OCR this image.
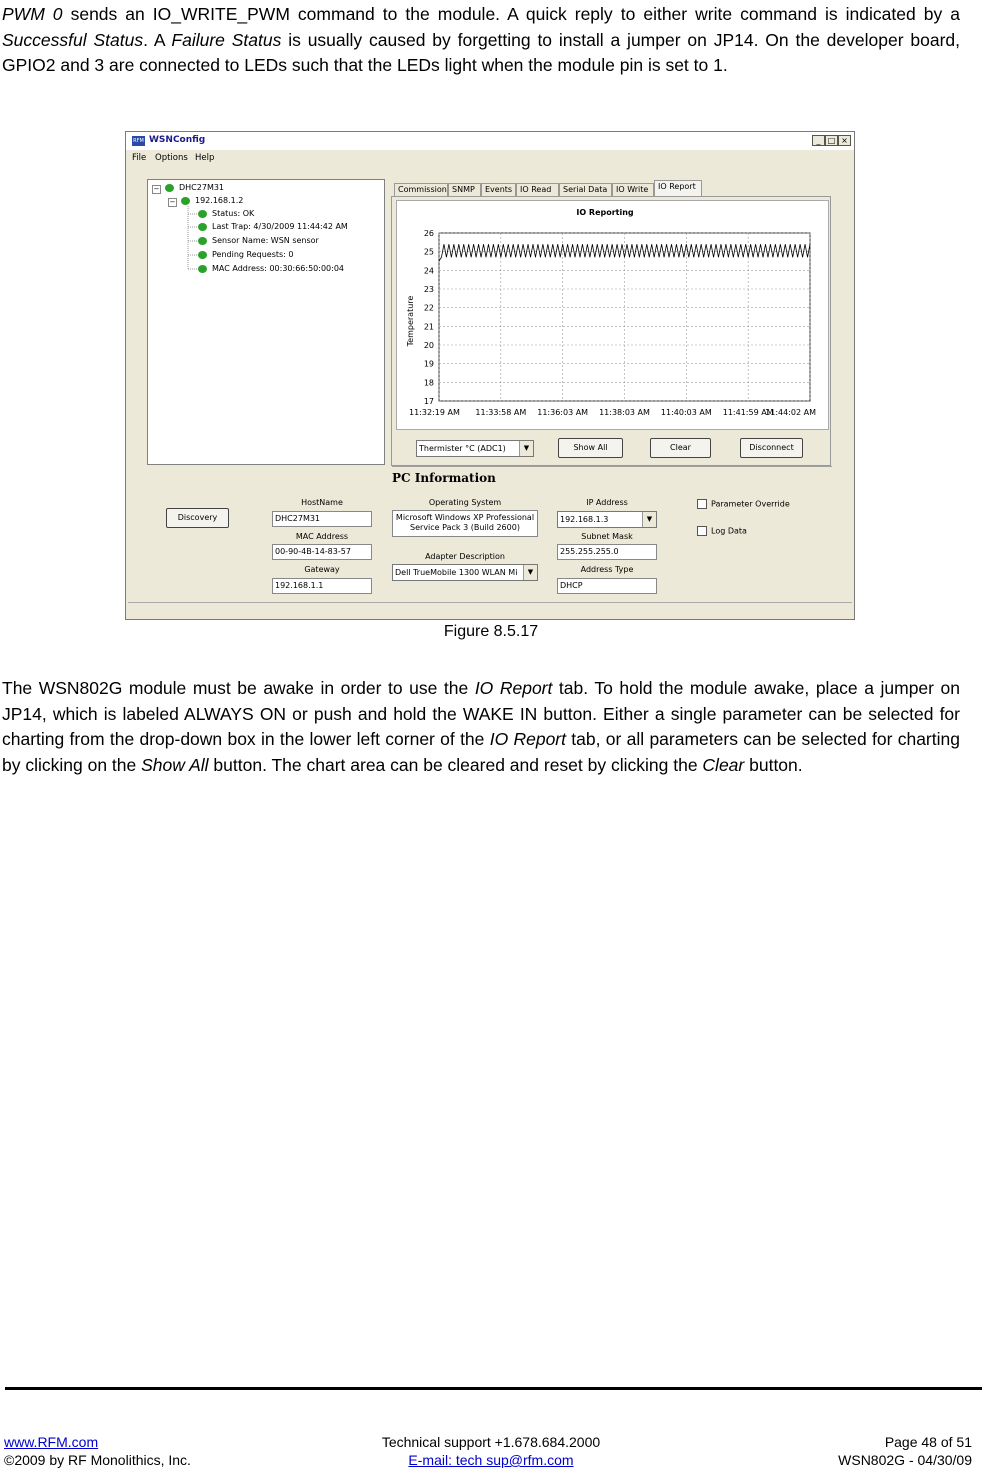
PWM 0 sends an IO_WRITE_PWM command to the module. A quick reply to either write command is indicated by a Successful Status. A Failure Status is usually caused by forgetting to install a jumper on JP14. On the developer board, GPIO2 and 3 are connected to LEDs such that the LEDs light when the module pin is set to 1.
RFM WSNConfig	_ □ ×
File Options Help
−	DHC27M31
−	192.168.1.2
Status: OK
Last Trap: 4/30/2009 11:44:42 AM
Sensor Name: WSN sensor
Pending Requests: 0
MAC Address: 00:30:66:50:00:04
Commission SNMP	Events IO Read	Serial Data	IO Write	IO Report
IO Reporting
Temperature
17
18
19
20
21
22
23
24
25
26
11:32:19 AM 11:33:58 AM 11:36:03 AM 11:38:03 AM 11:40:03 AM 11:41:59 AM
11:44:02 AM
Thermister °C (ADC1)	▼	Show All	Clear	Disconnect
PC Information
Discovery
HostName
DHC27M31
MAC Address
00-90-4B-14-83-57
Gateway
192.168.1.1
Operating System
Microsoft Windows XP Professional
Service Pack 3 (Build 2600)
Adapter Description
Dell TrueMobile 1300 WLAN Mi	▼
IP Address
192.168.1.3	▼
Subnet Mask
255.255.255.0
Address Type
DHCP
Parameter Override
Log Data
Figure 8.5.17
The WSN802G module must be awake in order to use the IO Report tab. To hold the module awake, place a jumper on JP14, which is labeled ALWAYS ON or push and hold the WAKE IN button. Either a single parameter can be selected for charting from the drop-down box in the lower left corner of the IO Report tab, or all parameters can be selected for charting by clicking on the Show All button. The chart area can be cleared and reset by clicking the Clear button.
www.RFM.com
©2009 by RF Monolithics, Inc.
Technical support +1.678.684.2000
E-mail: tech sup@rfm.com
Page 48 of 51
WSN802G - 04/30/09
